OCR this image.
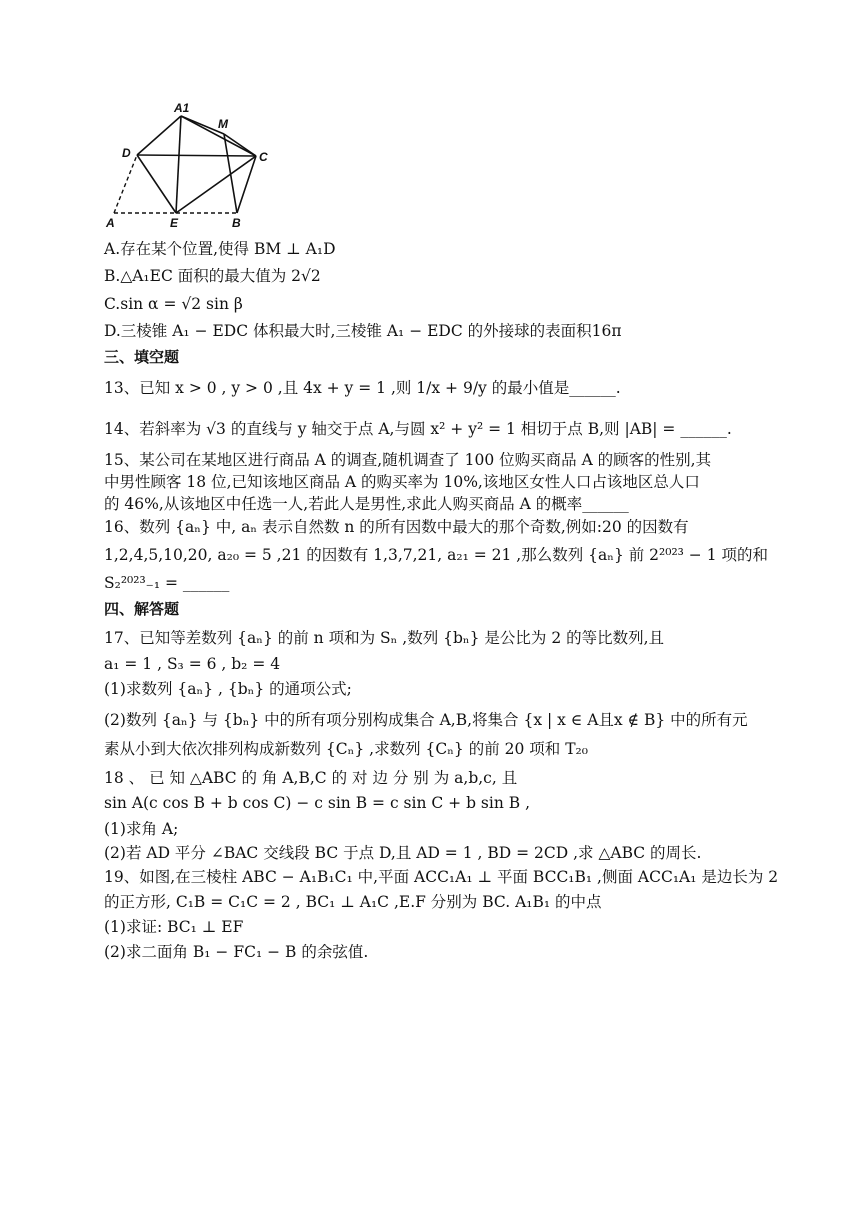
A1
M
D	C
A	E	B
A.存在某个位置,使得 BM ⊥ A₁D
B.△A₁EC 面积的最大值为 2√2
C.sin α = √2 sin β
D.三棱锥 A₁ − EDC 体积最大时,三棱锥 A₁ − EDC 的外接球的表面积16π
三、填空题
13、已知 x > 0 , y > 0 ,且 4x + y = 1 ,则 1/x + 9/y 的最小值是______.
14、若斜率为 √3 的直线与 y 轴交于点 A,与圆 x² + y² = 1 相切于点 B,则 |AB| = ______.
15、某公司在某地区进行商品 A 的调查,随机调查了 100 位购买商品 A 的顾客的性别,其
中男性顾客 18 位,已知该地区商品 A 的购买率为 10%,该地区女性人口占该地区总人口
的 46%,从该地区中任选一人,若此人是男性,求此人购买商品 A 的概率______
16、数列 {aₙ} 中, aₙ 表示自然数 n 的所有因数中最大的那个奇数,例如:20 的因数有
1,2,4,5,10,20, a₂₀ = 5 ,21 的因数有 1,3,7,21, a₂₁ = 21 ,那么数列 {aₙ} 前 2²⁰²³ − 1 项的和
S₂²⁰²³₋₁ = ______
四、解答题
17、已知等差数列 {aₙ} 的前 n 项和为 Sₙ ,数列 {bₙ} 是公比为 2 的等比数列,且
a₁ = 1 , S₃ = 6 , b₂ = 4
(1)求数列 {aₙ} , {bₙ} 的通项公式;
(2)数列 {aₙ} 与 {bₙ} 中的所有项分别构成集合 A,B,将集合 {x | x ∈ A且x ∉ B} 中的所有元
素从小到大依次排列构成新数列 {Cₙ} ,求数列 {Cₙ} 的前 20 项和 T₂₀
18 、 已 知 △ABC 的 角 A,B,C 的 对 边 分 别 为 a,b,c, 且
sin A(c cos B + b cos C) − c sin B = c sin C + b sin B ,
(1)求角 A;
(2)若 AD 平分 ∠BAC 交线段 BC 于点 D,且 AD = 1 , BD = 2CD ,求 △ABC 的周长.
19、如图,在三棱柱 ABC − A₁B₁C₁ 中,平面 ACC₁A₁ ⊥ 平面 BCC₁B₁ ,侧面 ACC₁A₁ 是边长为 2
的正方形, C₁B = C₁C = 2 , BC₁ ⊥ A₁C ,E.F 分别为 BC. A₁B₁ 的中点
(1)求证: BC₁ ⊥ EF
(2)求二面角 B₁ − FC₁ − B 的余弦值.
